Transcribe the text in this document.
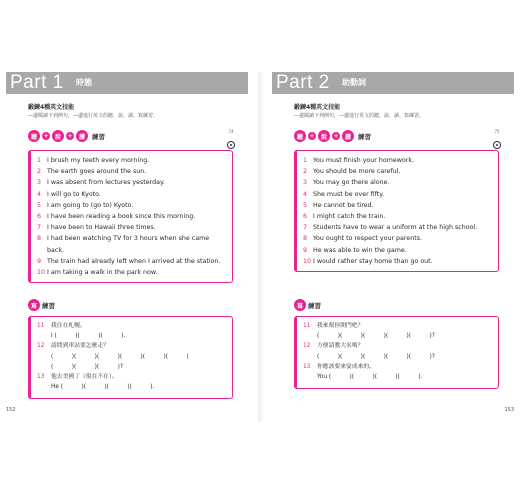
Part 1 時態
鍛鍊4種英文技能
—邊閱讀下列例句，—邊進行英文的聽、說、讀、寫練習。
聽 +	說 +	讀	練習
74
1 I brush my teeth every morning.
2 The earth goes around the sun.
3 I was absent from lectures yesterday.
4 I will go to Kyoto.
5 I am going to (go to) Kyoto.
6 I have been reading a book since this morning.
7 I have been to Hawaii three times.
8 I had been watching TV for 3 hours when she came
back.
9 The train had already left when I arrived at the station.
10 I am taking a walk in the park now.
寫 練習
11	我住在札幌。
I (          )(          )(          ).
12	請問到車站要怎麼走？
(          )(          )(          )(          )(          )(          )
(          )(          )(          )?
13	他去美國了（現在不在）。
He (          )(          )(          )(          ).
152
Part 2 助動詞
鍛鍊4種英文技能
—邊閱讀下列例句，—邊進行英文的聽、說、讀、寫練習。
聽 +	說 +	讀	練習
75
1 You must finish your homework.
2 You should be more careful.
3 You may go there alone.
4 She must be over fifty.
5 He cannot be tired.
6 I might catch the train.
7 Students have to wear a uniform at the high school.
8 You ought to respect your parents.
9 He was able to win the game.
10 I would rather stay home than go out.
寫 練習
11	我來幫你開門吧？
(          )(          )(          )(          )(          )?
12	方便請教大名嗎？
(          )(          )(          )(          )(          )?
13	你應該要來宴成來的。
You (          )(          )(          )(          ).
153
